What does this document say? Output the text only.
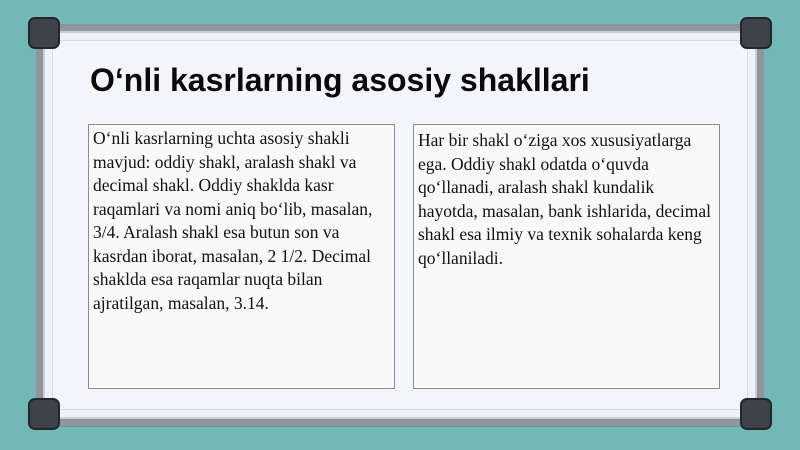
O‘nli kasrlarning asosiy shakllari
O‘nli kasrlarning uchta asosiy shakli mavjud: oddiy shakl, aralash shakl va decimal shakl. Oddiy shaklda kasr raqamlari va nomi aniq bo‘lib, masalan, 3/4. Aralash shakl esa butun son va kasrdan iborat, masalan, 2 1/2. Decimal shaklda esa raqamlar nuqta bilan ajratilgan, masalan, 3.14.
Har bir shakl o‘ziga xos xususiyatlarga ega. Oddiy shakl odatda o‘quvda qo‘llanadi, aralash shakl kundalik hayotda, masalan, bank ishlarida, decimal shakl esa ilmiy va texnik sohalarda keng qo‘llaniladi.
